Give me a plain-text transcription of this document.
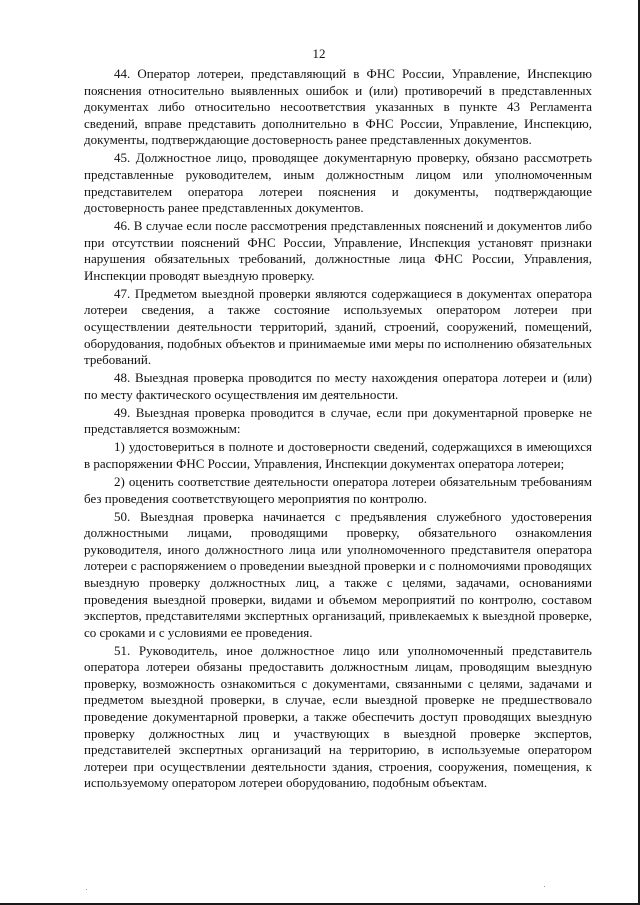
12

44. Оператор лотереи, представляющий в ФНС России, Управление, Инспекцию пояснения относительно выявленных ошибок и (или) противоречий в представленных документах либо относительно несоответствия указанных в пункте 43 Регламента сведений, вправе представить дополнительно в ФНС России, Управление, Инспекцию, документы, подтверждающие достоверность ранее представленных документов.

45. Должностное лицо, проводящее документарную проверку, обязано рассмотреть представленные руководителем, иным должностным лицом или уполномоченным представителем оператора лотереи пояснения и документы, подтверждающие достоверность ранее представленных документов.

46. В случае если после рассмотрения представленных пояснений и документов либо при отсутствии пояснений ФНС России, Управление, Инспекция установят признаки нарушения обязательных требований, должностные лица ФНС России, Управления, Инспекции проводят выездную проверку.

47. Предметом выездной проверки являются содержащиеся в документах оператора лотереи сведения, а также состояние используемых оператором лотереи при осуществлении деятельности территорий, зданий, строений, сооружений, помещений, оборудования, подобных объектов и принимаемые ими меры по исполнению обязательных требований.

48. Выездная проверка проводится по месту нахождения оператора лотереи и (или) по месту фактического осуществления им деятельности.

49. Выездная проверка проводится в случае, если при документарной проверке не представляется возможным:

1) удостовериться в полноте и достоверности сведений, содержащихся в имеющихся в распоряжении ФНС России, Управления, Инспекции документах оператора лотереи;

2) оценить соответствие деятельности оператора лотереи обязательным требованиям без проведения соответствующего мероприятия по контролю.

50. Выездная проверка начинается с предъявления служебного удостоверения должностными лицами, проводящими проверку, обязательного ознакомления руководителя, иного должностного лица или уполномоченного представителя оператора лотереи с распоряжением о проведении выездной проверки и с полномочиями проводящих выездную проверку должностных лиц, а также с целями, задачами, основаниями проведения выездной проверки, видами и объемом мероприятий по контролю, составом экспертов, представителями экспертных организаций, привлекаемых к выездной проверке, со сроками и с условиями ее проведения.

51. Руководитель, иное должностное лицо или уполномоченный представитель оператора лотереи обязаны предоставить должностным лицам, проводящим выездную проверку, возможность ознакомиться с документами, связанными с целями, задачами и предметом выездной проверки, в случае, если выездной проверке не предшествовало проведение документарной проверки, а также обеспечить доступ проводящих выездную проверку должностных лиц и участвующих в выездной проверке экспертов, представителей экспертных организаций на территорию, в используемые оператором лотереи при осуществлении деятельности здания, строения, сооружения, помещения, к используемому оператором лотереи оборудованию, подобным объектам.
